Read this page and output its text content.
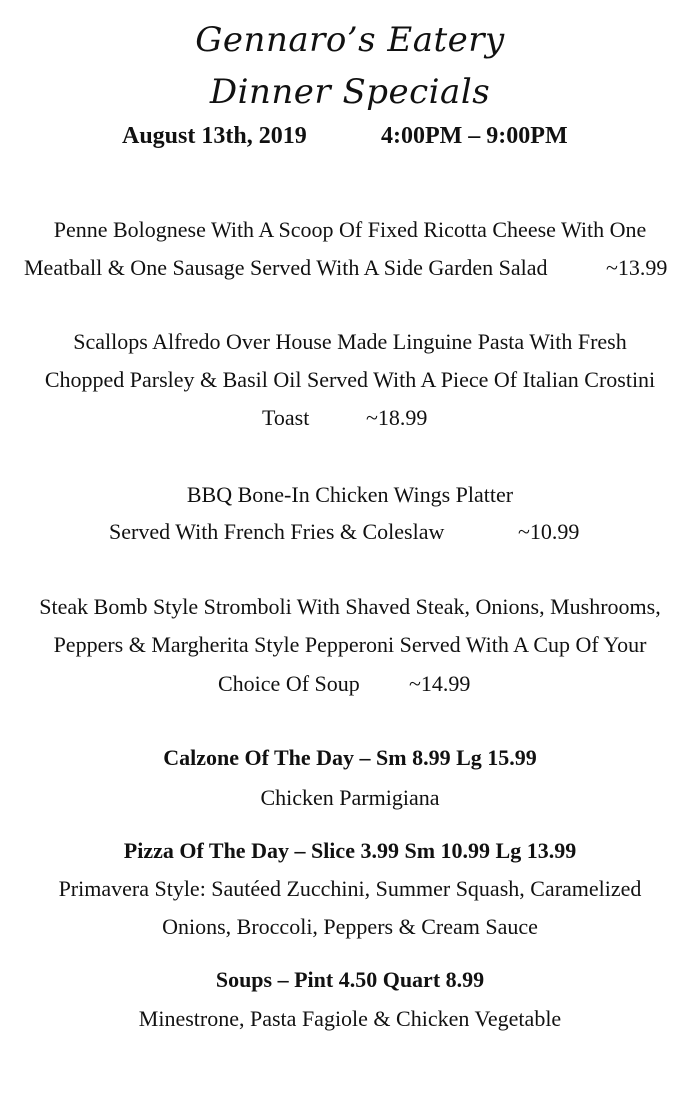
Gennaro’s Eatery
Dinner Specials
August 13th, 2019	4:00PM – 9:00PM
Penne Bolognese With A Scoop Of Fixed Ricotta Cheese With One
Meatball & One Sausage Served With A Side Garden Salad	~13.99
Scallops Alfredo Over House Made Linguine Pasta With Fresh
Chopped Parsley & Basil Oil Served With A Piece Of Italian Crostini
Toast	~18.99
BBQ Bone-In Chicken Wings Platter
Served With French Fries & Coleslaw	~10.99
Steak Bomb Style Stromboli With Shaved Steak, Onions, Mushrooms,
Peppers & Margherita Style Pepperoni Served With A Cup Of Your
Choice Of Soup ~14.99
Calzone Of The Day – Sm 8.99 Lg 15.99
Chicken Parmigiana
Pizza Of The Day – Slice 3.99 Sm 10.99 Lg 13.99
Primavera Style: Sautéed Zucchini, Summer Squash, Caramelized
Onions, Broccoli, Peppers & Cream Sauce
Soups – Pint 4.50 Quart 8.99
Minestrone, Pasta Fagiole & Chicken Vegetable
